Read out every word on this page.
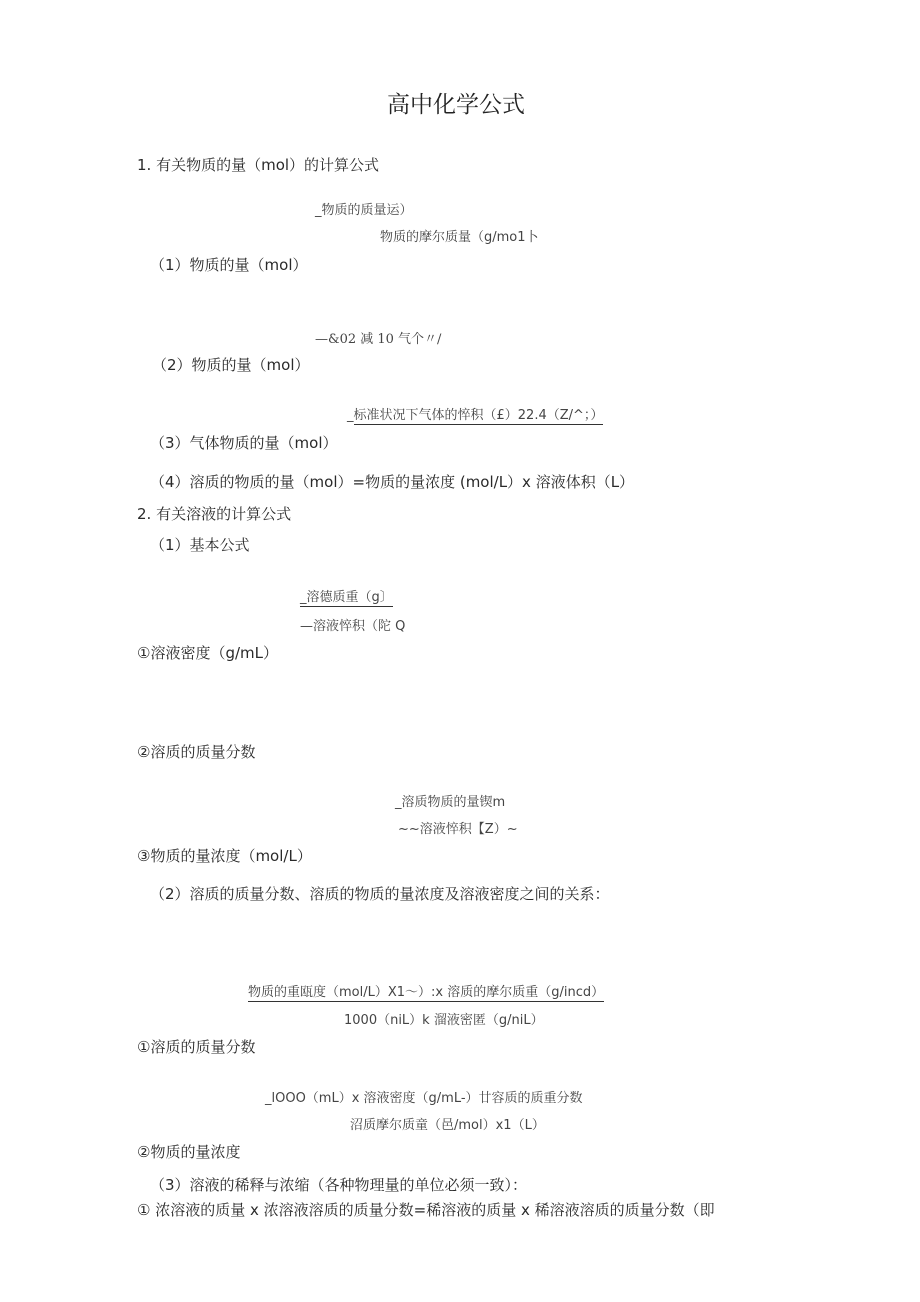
高中化学公式
1. 有关物质的量（mol）的计算公式
_物质的质量运）
物质的摩尔质量（g/mo1卜
（1）物质的量（mol）
—&02 减 10 气个〃/
（2）物质的量（mol）
_标准状况下气体的悴积（£）22.4（Z/^；）
（3）气体物质的量（mol）
（4）溶质的物质的量（mol）=物质的量浓度 (mol/L）x 溶液体积（L）
2. 有关溶液的计算公式
（1）基本公式
_溶德质重（g〕
—溶液悴积（陀 Q
①溶液密度（g/mL）
②溶质的质量分数
_溶质物质的量锲m
~~溶液悴积【Z）~
③物质的量浓度（mol/L）
（2）溶质的质量分数、溶质的物质的量浓度及溶液密度之间的关系：
物质的重瓯度（mol/L）X1～）:x 溶质的摩尔质重（g/incd）
1000（niL）k 溜液密匿（g/niL）
①溶质的质量分数
_lOOO（mL）x 溶液密度（g/mL-）廿容质的质重分数
沼质摩尔质童（邑/mol）x1（L）
②物质的量浓度
（3）溶液的稀释与浓缩（各种物理量的单位必须一致）：
① 浓溶液的质量 x 浓溶液溶质的质量分数=稀溶液的质量 x 稀溶液溶质的质量分数（即
